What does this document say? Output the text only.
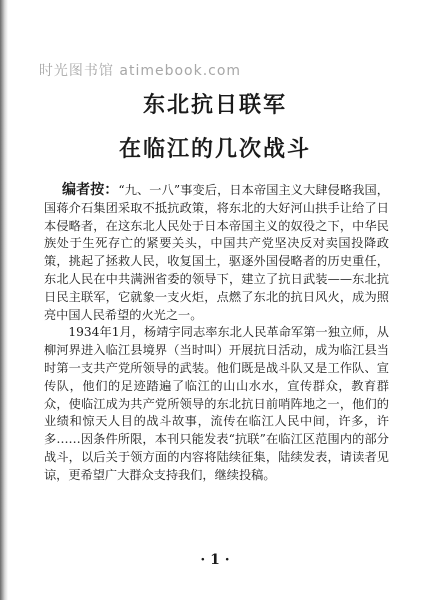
时光图书馆 atimebook.com
东北抗日联军
在临江的几次战斗

编者按：“九、一八”事变后，日本帝国主义大肆侵略我国，国蒋介石集团采取不抵抗政策，将东北的大好河山拱手让给了日本侵略者，在这东北人民处于日本帝国主义的奴役之下，中华民族处于生死存亡的紧要关头，中国共产党坚决反对卖国投降政策，挑起了拯救人民，收复国土，驱逐外国侵略者的历史重任，东北人民在中共满洲省委的领导下，建立了抗日武装——东北抗日民主联军，它就象一支火炬，点燃了东北的抗日风火，成为照亮中国人民希望的火光之一。

1934年1月，杨靖宇同志率东北人民革命军第一独立师，从柳河界进入临江县境界（当时叫）开展抗日活动，成为临江县当时第一支共产党所领导的武装。他们既是战斗队又是工作队、宣传队，他们的足迹踏遍了临江的山山水水，宣传群众，教育群众，使临江成为共产党所领导的东北抗日前哨阵地之一，他们的业绩和惊天人目的战斗故事，流传在临江人民中间，许多，许多……因条件所限，本刊只能发表“抗联”在临江区范围内的部分战斗，以后关于领方面的内容将陆续征集，陆续发表，请读者见谅，更希望广大群众支持我们，继续投稿。

· 1 ·
